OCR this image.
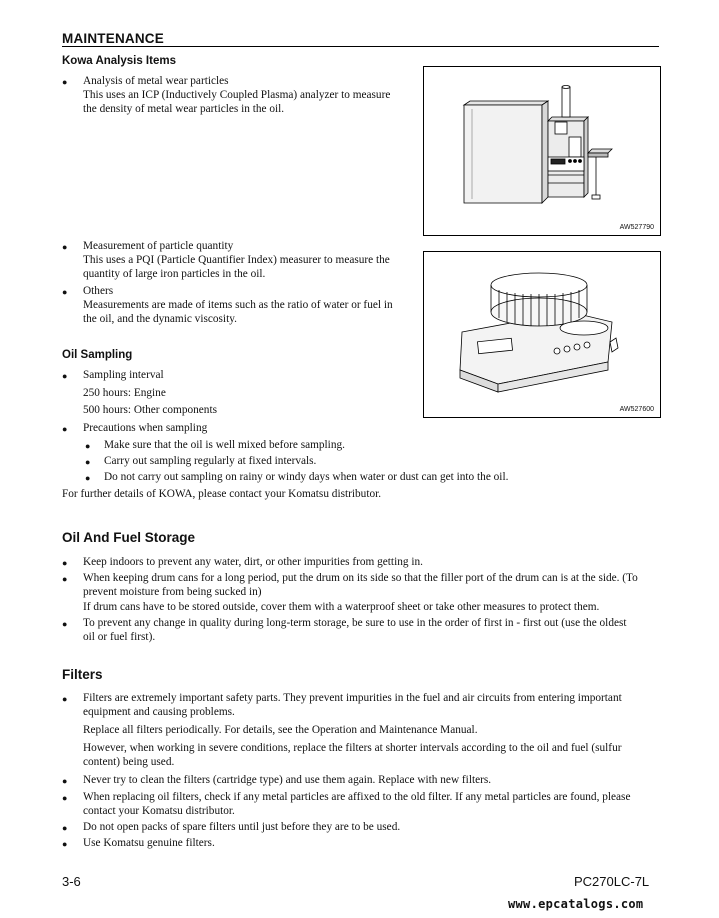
MAINTENANCE
Kowa Analysis Items
● Analysis of metal wear particles
This uses an ICP (Inductively Coupled Plasma) analyzer to measure
the density of metal wear particles in the oil.
● Measurement of particle quantity
This uses a PQI (Particle Quantifier Index) measurer to measure the
quantity of large iron particles in the oil.
● Others
Measurements are made of items such as the ratio of water or fuel in
the oil, and the dynamic viscosity.
AW527790
AW527600
Oil Sampling
● Sampling interval
250 hours: Engine
500 hours: Other components
● Precautions when sampling
● Make sure that the oil is well mixed before sampling.
● Carry out sampling regularly at fixed intervals.
● Do not carry out sampling on rainy or windy days when water or dust can get into the oil.
For further details of KOWA, please contact your Komatsu distributor.
Oil And Fuel Storage
● Keep indoors to prevent any water, dirt, or other impurities from getting in.
● When keeping drum cans for a long period, put the drum on its side so that the filler port of the drum can is at the side. (To
prevent moisture from being sucked in)
If drum cans have to be stored outside, cover them with a waterproof sheet or take other measures to protect them.
● To prevent any change in quality during long-term storage, be sure to use in the order of first in - first out (use the oldest
oil or fuel first).
Filters
● Filters are extremely important safety parts. They prevent impurities in the fuel and air circuits from entering important
equipment and causing problems.
Replace all filters periodically. For details, see the Operation and Maintenance Manual.
However, when working in severe conditions, replace the filters at shorter intervals according to the oil and fuel (sulfur
content) being used.
● Never try to clean the filters (cartridge type) and use them again. Replace with new filters.
● When replacing oil filters, check if any metal particles are affixed to the old filter. If any metal particles are found, please
contact your Komatsu distributor.
● Do not open packs of spare filters until just before they are to be used.
● Use Komatsu genuine filters.
3-6	PC270LC-7L
www.epcatalogs.com
